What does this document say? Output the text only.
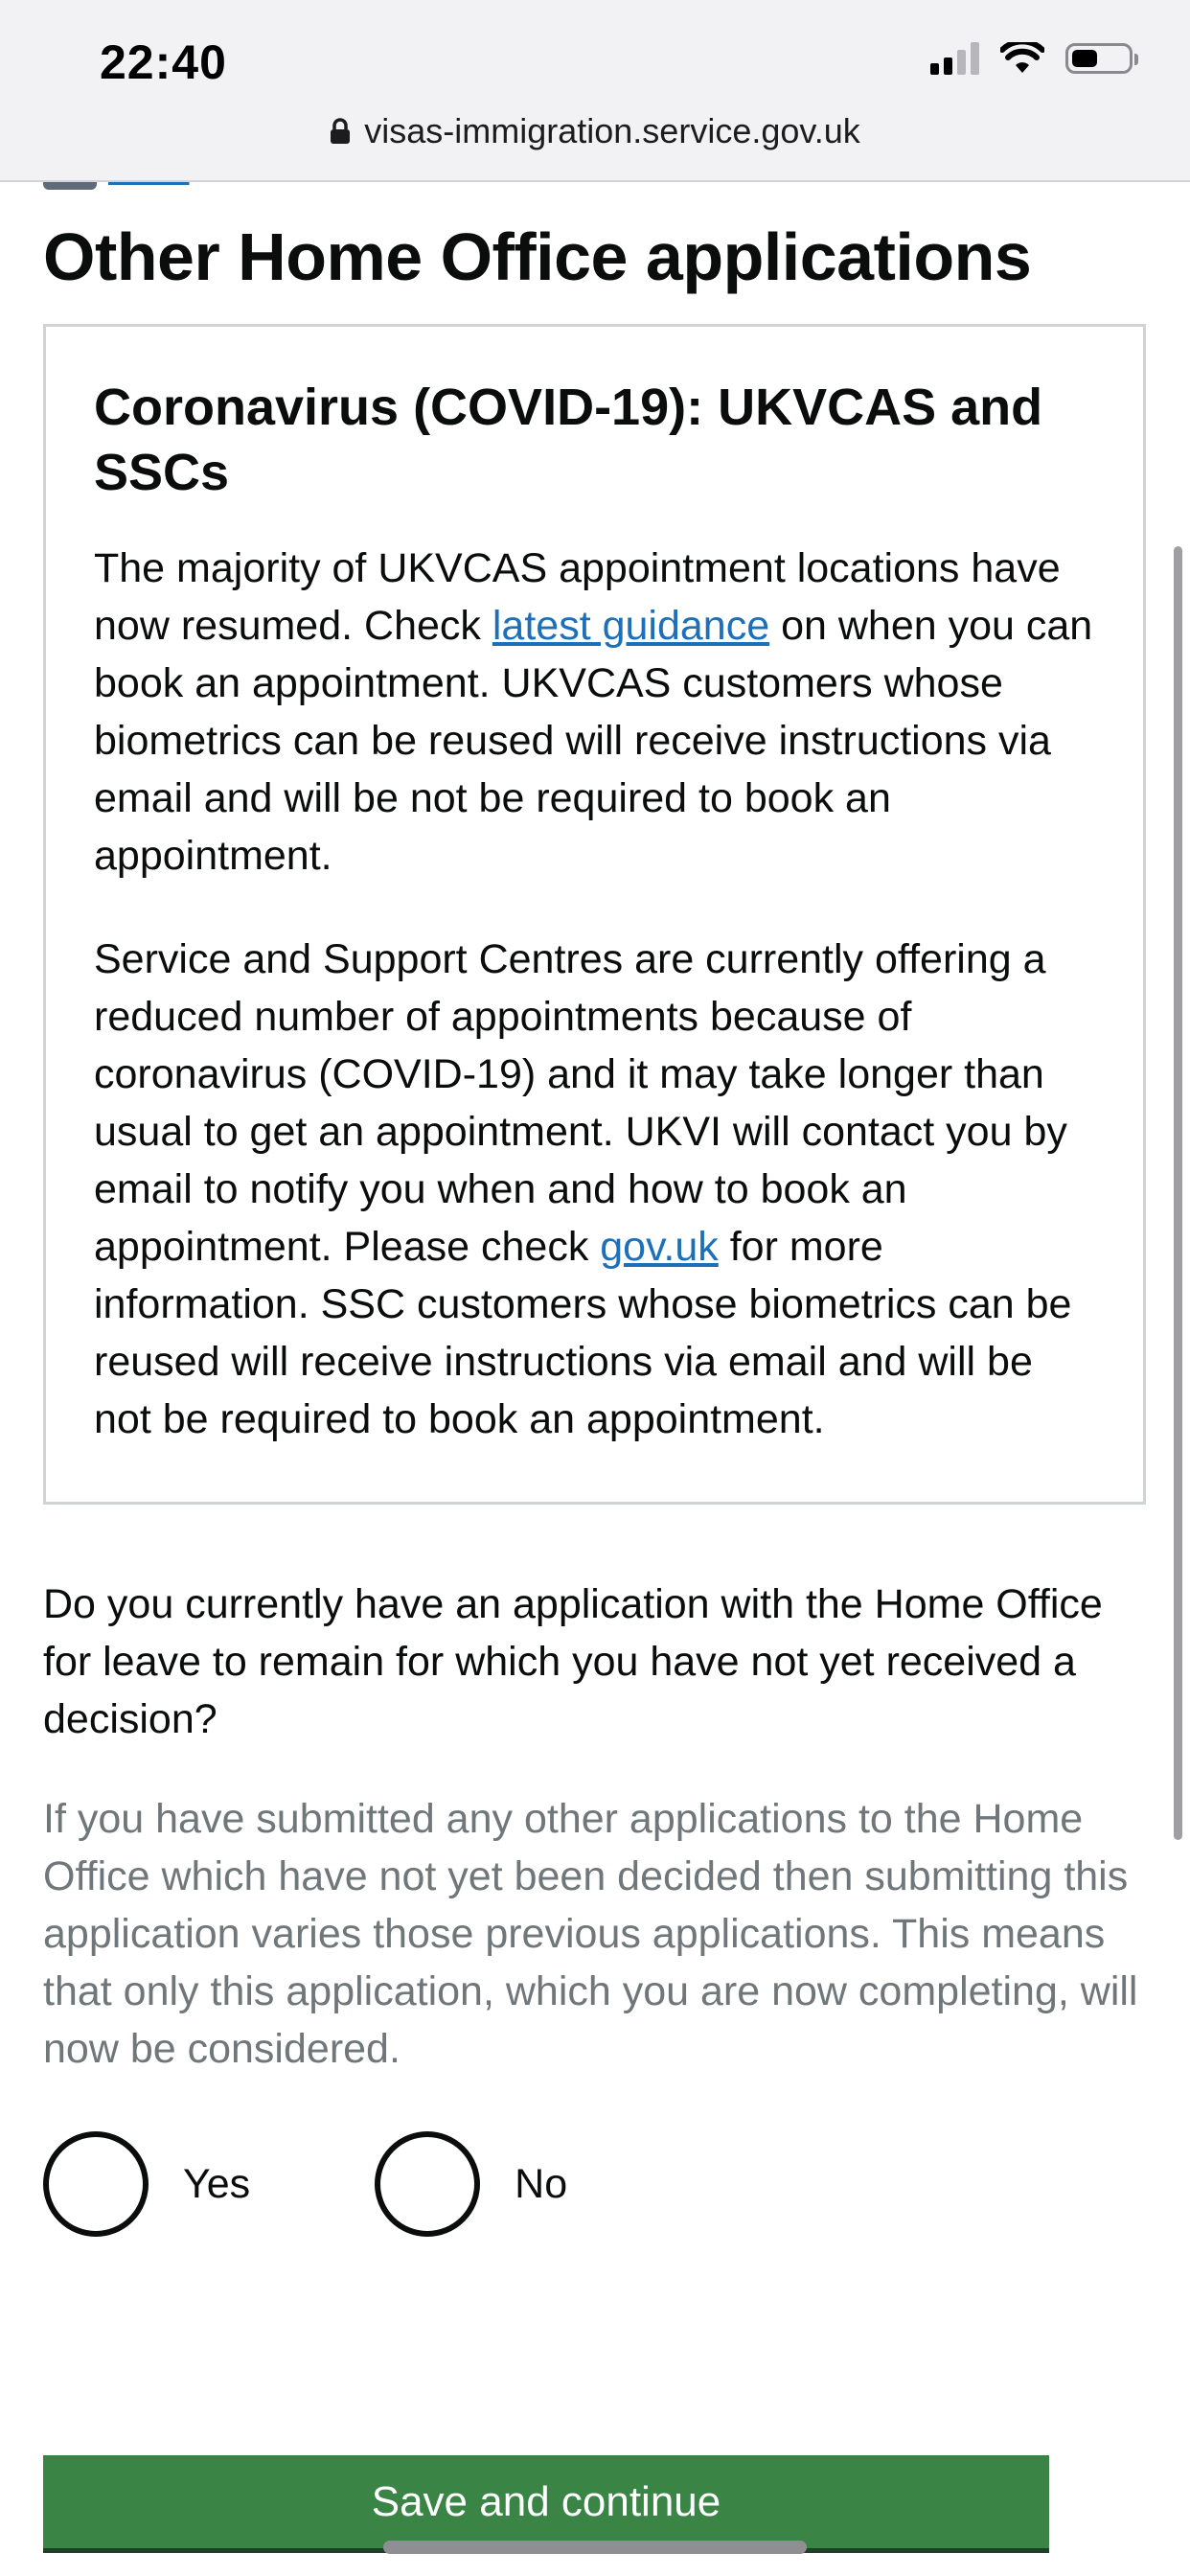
22:40
visas-immigration.service.gov.uk
Other Home Office applications
Coronavirus (COVID-19): UKVCAS and SSCs

The majority of UKVCAS appointment locations have now resumed. Check latest guidance on when you can book an appointment. UKVCAS customers whose biometrics can be reused will receive instructions via email and will be not be required to book an appointment.

Service and Support Centres are currently offering a reduced number of appointments because of coronavirus (COVID-19) and it may take longer than usual to get an appointment. UKVI will contact you by email to notify you when and how to book an appointment. Please check gov.uk for more information. SSC customers whose biometrics can be reused will receive instructions via email and will be not be required to book an appointment.

Do you currently have an application with the Home Office for leave to remain for which you have not yet received a decision?

If you have submitted any other applications to the Home Office which have not yet been decided then submitting this application varies those previous applications. This means that only this application, which you are now completing, will now be considered.

Yes	No
Save and continue
